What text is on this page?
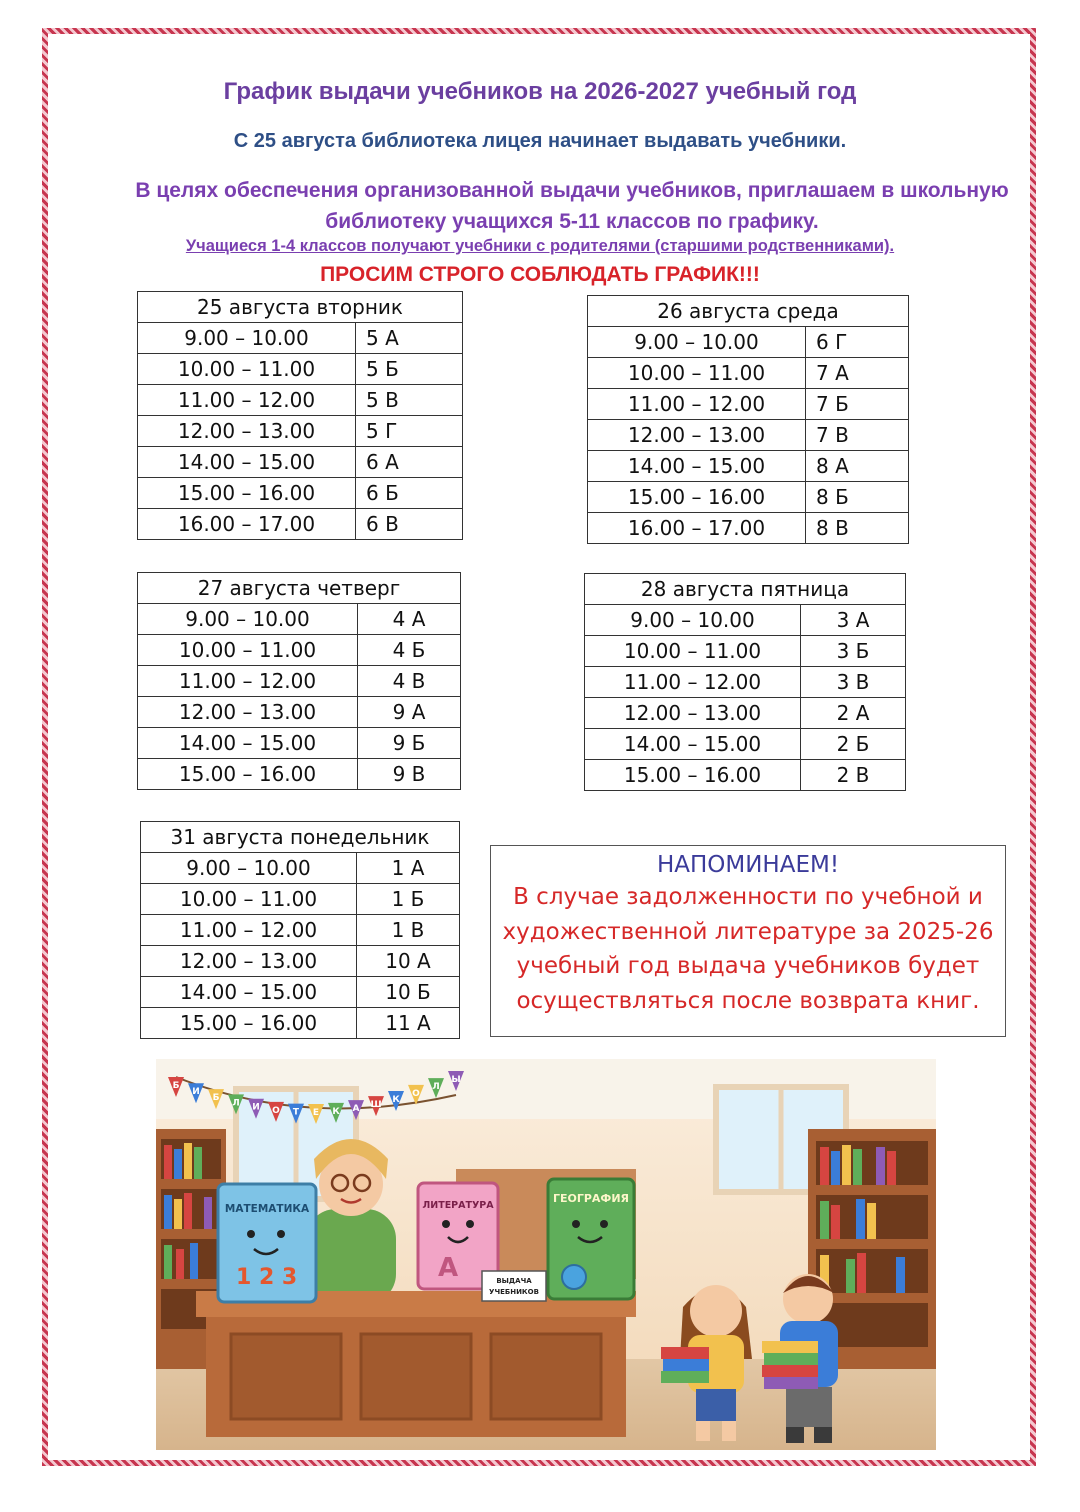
График выдачи учебников на 2026-2027 учебный год

С 25 августа библиотека лицея начинает выдавать учебники.

В целях обеспечения организованной выдачи учебников, приглашаем в школьную библиотеку учащихся 5-11 классов по графику.

Учащиеся 1-4 классов получают учебники с родителями (старшими родственниками).

ПРОСИМ СТРОГО СОБЛЮДАТЬ ГРАФИК!!!

25 августа вторник	
9.00 – 10.00	5 А
10.00 – 11.00	5 Б
11.00 – 12.00	5 В
12.00 – 13.00	5 Г
14.00 – 15.00	6 А
15.00 – 16.00	6 Б
16.00 – 17.00	6 В
26 августа среда	
9.00 – 10.00	6 Г
10.00 – 11.00	7 А
11.00 – 12.00	7 Б
12.00 – 13.00	7 В
14.00 – 15.00	8 А
15.00 – 16.00	8 Б
16.00 – 17.00	8 В
27 августа четверг	
9.00 – 10.00	4 А
10.00 – 11.00	4 Б
11.00 – 12.00	4 В
12.00 – 13.00	9 А
14.00 – 15.00	9 Б
15.00 – 16.00	9 В
28 августа пятница	
9.00 – 10.00	3 А
10.00 – 11.00	3 Б
11.00 – 12.00	3 В
12.00 – 13.00	2 А
14.00 – 15.00	2 Б
15.00 – 16.00	2 В
31 августа понедельник	
9.00 – 10.00	1 А
10.00 – 11.00	1 Б
11.00 – 12.00	1 В
12.00 – 13.00	10 А
14.00 – 15.00	10 Б
15.00 – 16.00	11 А
НАПОМИНАЕМ!
В случае задолженности по учебной и
художественной литературе за 2025-26
учебный год выдача учебников будет
осуществляться после возврата книг.
Б
И
Б
Л И О Т Е К А Ш
К
О
Л
Ы
1 2 3
МАТЕМАТИКА
А
ЛИТЕРАТУРА
ГЕОГРАФИЯ
ВЫДАЧА
УЧЕБНИКОВ
